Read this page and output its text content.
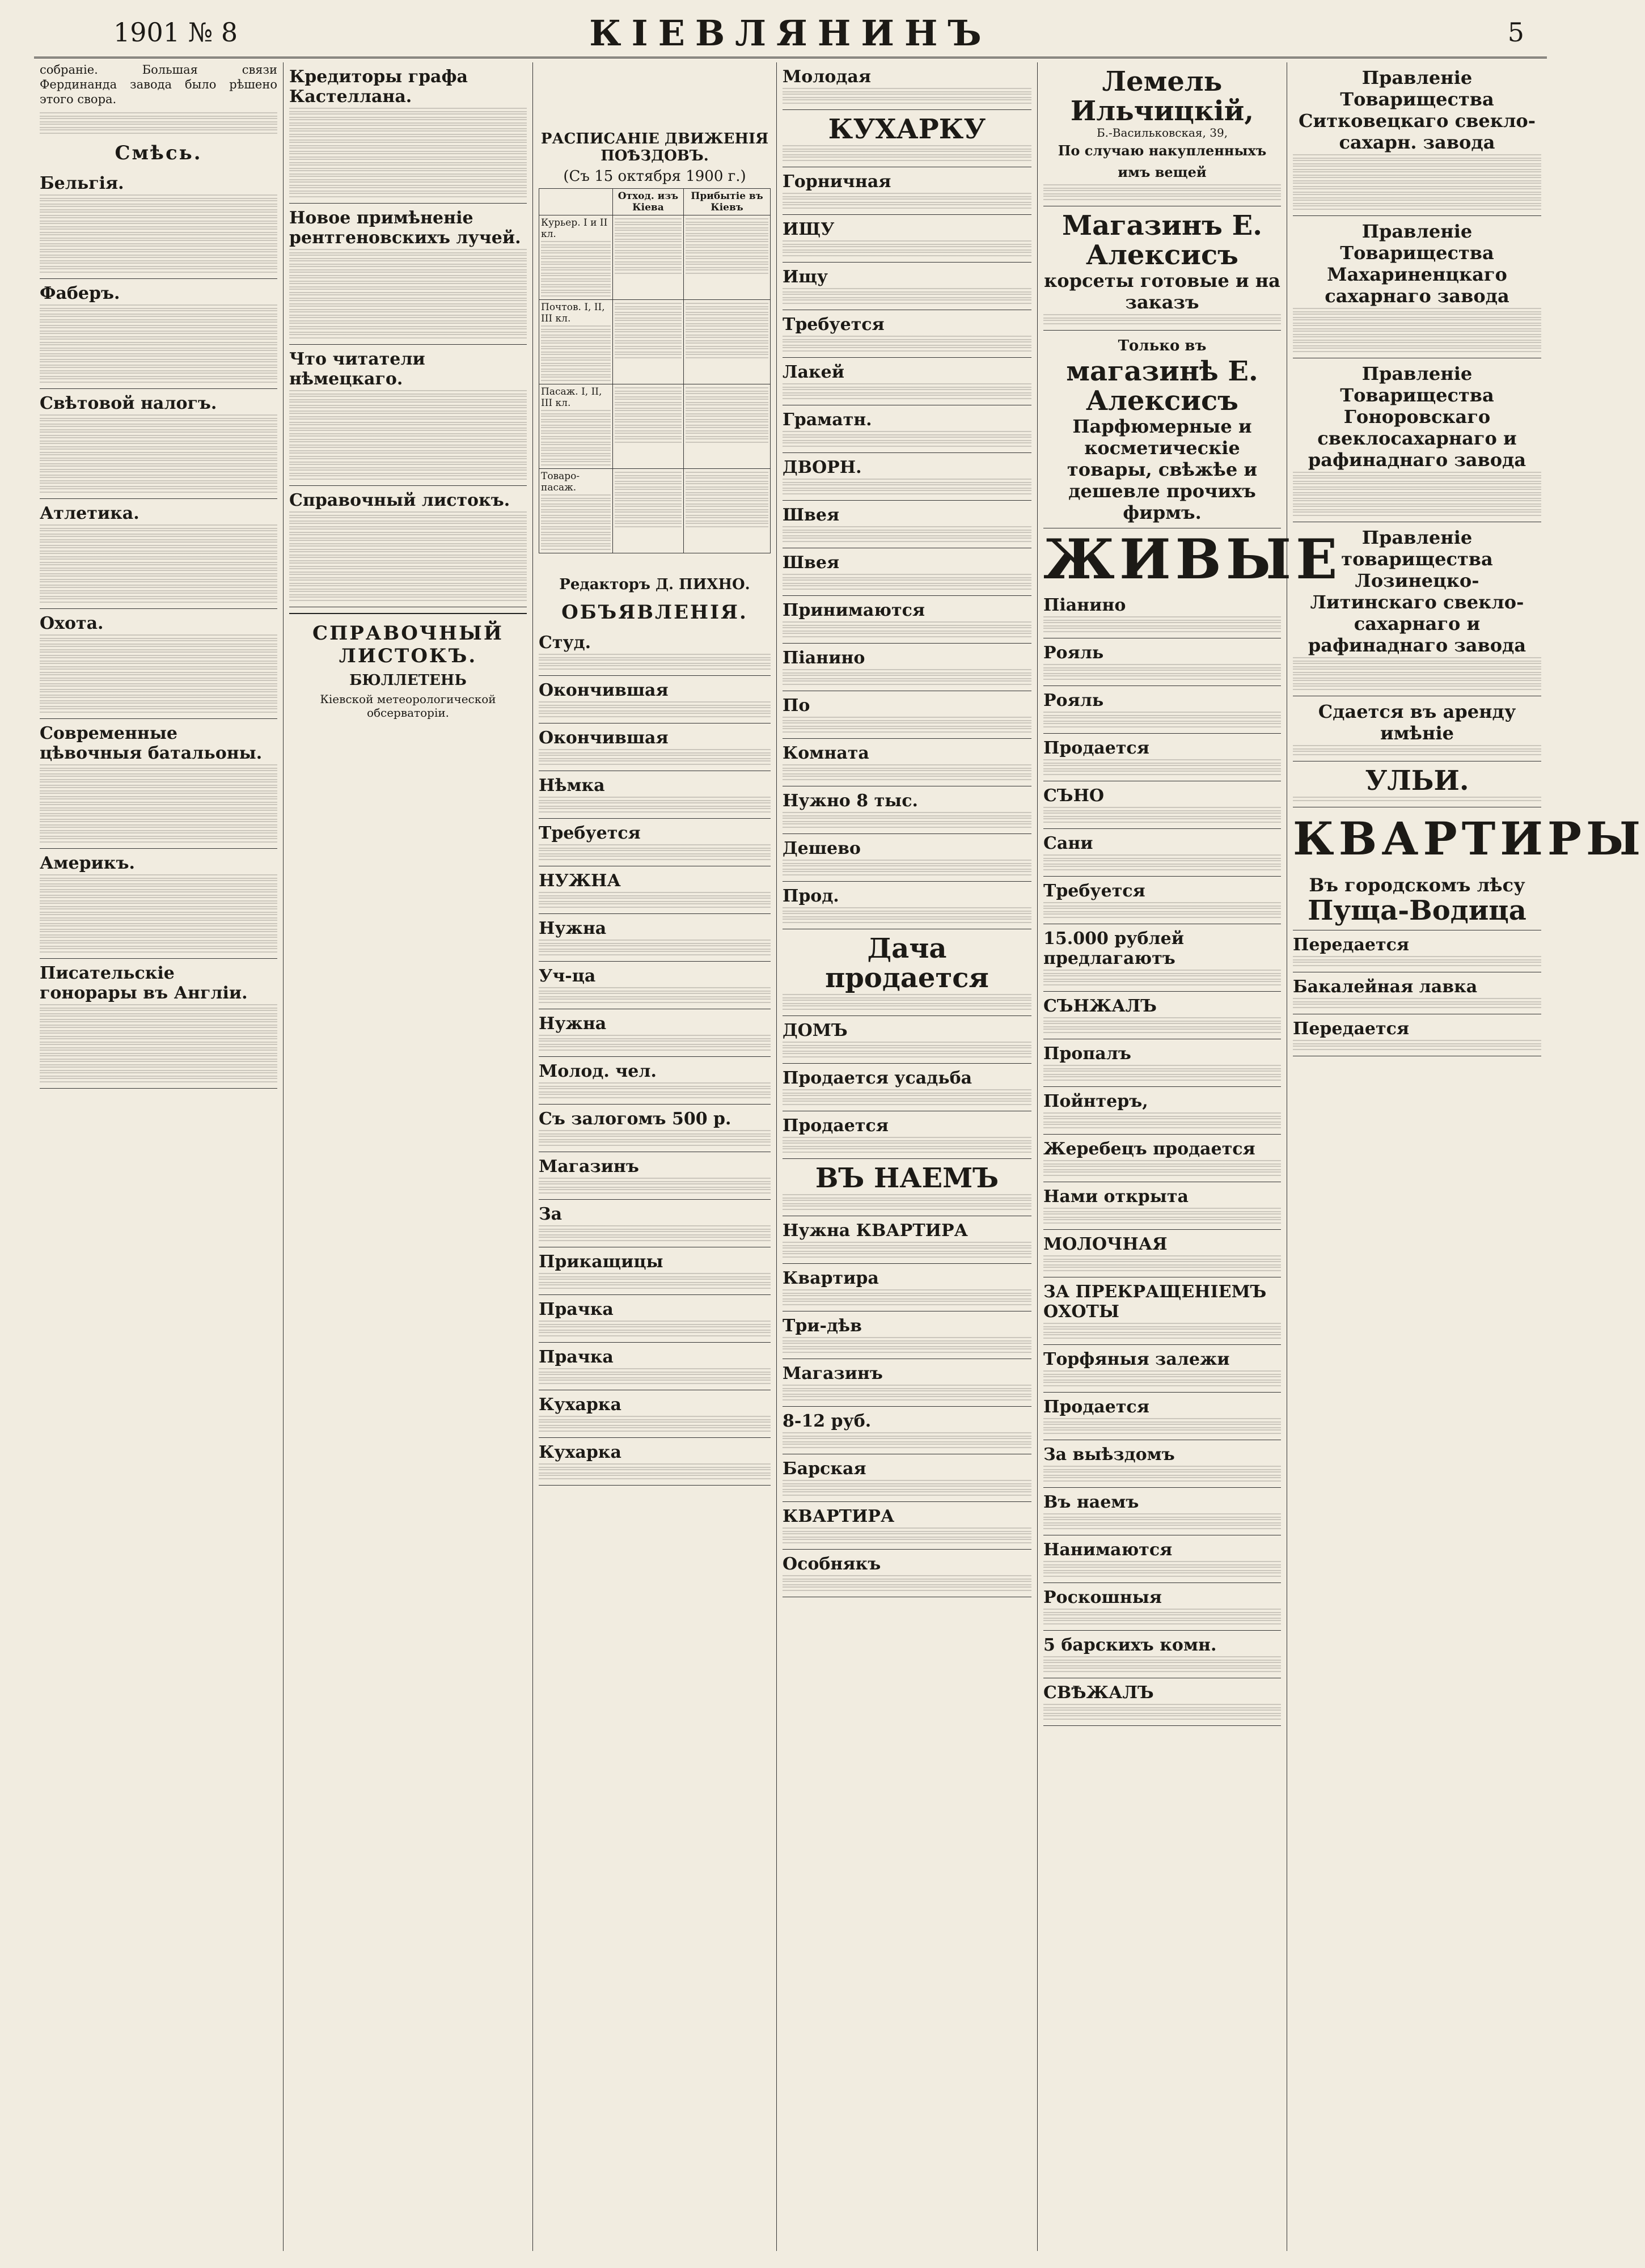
1901 № 8	КІЕВЛЯНИНЪ	5

собраніе. Большая связи Фердинанда завода было рѣшено этого свора.

Смѣсь.
Бельгія.
Фаберъ.
Свѣтовой налогъ.
Атлетика.
Охота.
Современные цѣвочныя батальоны.
Америкъ.
Писательскіе гонорары въ Англіи.
Кредиторы графа Кастеллана.
Новое примѣненіе рентгеновскихъ лучей.
Что читатели нѣмецкаго.
Справочный листокъ.
СПРАВОЧНЫЙ ЛИСТОКЪ.
БЮЛЛЕТЕНЬ
Кіевской метеорологической обсерваторіи.
РАСПИСАНІЕ ДВИЖЕНІЯ ПОѢЗДОВЪ.
(Съ 15 октября 1900 г.)
	Отход. изъ Кіева	Прибытіе въ Кіевъ
Курьер. I и II кл.

Почтов. I, II, III кл.

Пасаж. I, II, III кл.

Товаро-пасаж.

Редакторъ Д. ПИХНО.
ОБЪЯВЛЕНІЯ.
Студ.
Окончившая
Окончившая
Нѣмка
Требуется
НУЖНА
Нужна
Уч-ца
Нужна
Молод. чел.
Съ залогомъ 500 р.
Магазинъ
За
Прикащицы
Прачка
Прачка
Кухарка
Кухарка
Молодая
КУХАРКУ
Горничная
ИЩУ
Ищу
Требуется
Лакей
Граматн.
ДВОРН.
Швея
Швея
Принимаются
Пiанино
По
Комната
Нужно 8 тыс.
Дешево
Прод.
Дача продается
ДОМЪ
Продается усадьба
Продается
ВЪ НАЕМЪ
Нужна КВАРТИРА
Квартира
Три-дѣв
Магазинъ
8-12 руб.
Барская
КВАРТИРА
Особнякъ
Лемель Ильчицкiй,
Б.-Васильковская, 39,
По случаю накупленныхъ имъ вещей
Магазинъ Е. Алексисъ
корсеты готовые и на заказъ
Только въ
магазинѣ Е. Алексисъ
Парфюмерные и косметическіе товары, свѣжѣе и дешевле прочихъ фирмъ.
ЖИВЫЕ
Пiанино
Рояль
Рояль
Продается
СЪНО
Сани
Требуется
15.000 рублей предлагаютъ
СЪНЖАЛЪ
Пропалъ
Пойнтеръ,
Жеребецъ продается
Нами открыта
МОЛОЧНАЯ
ЗА ПРЕКРАЩЕНІЕМЪ ОХОТЫ
Торфяныя залежи
Продается
За выѣздомъ
Въ наемъ
Нанимаются
Роскошныя
5 барскихъ комн.
СВѢЖАЛЪ
Правленіе Товарищества Ситковецкаго свекло-сахарн. завода
Правленіе Товарищества Махариненцкаго сахарнаго завода
Правленіе Товарищества Гоноровскаго свеклосахарнаго и рафинаднаго завода
Правленіе товарищества Лозинецко-Литинскаго свекло-сахарнаго и рафинаднаго завода
Сдается въ аренду имѣніе
УЛЬИ.
КВАРТИРЫ
Въ городскомъ лѣсу
Пуща-Водица
Передается
Бакалейная лавка
Передается
